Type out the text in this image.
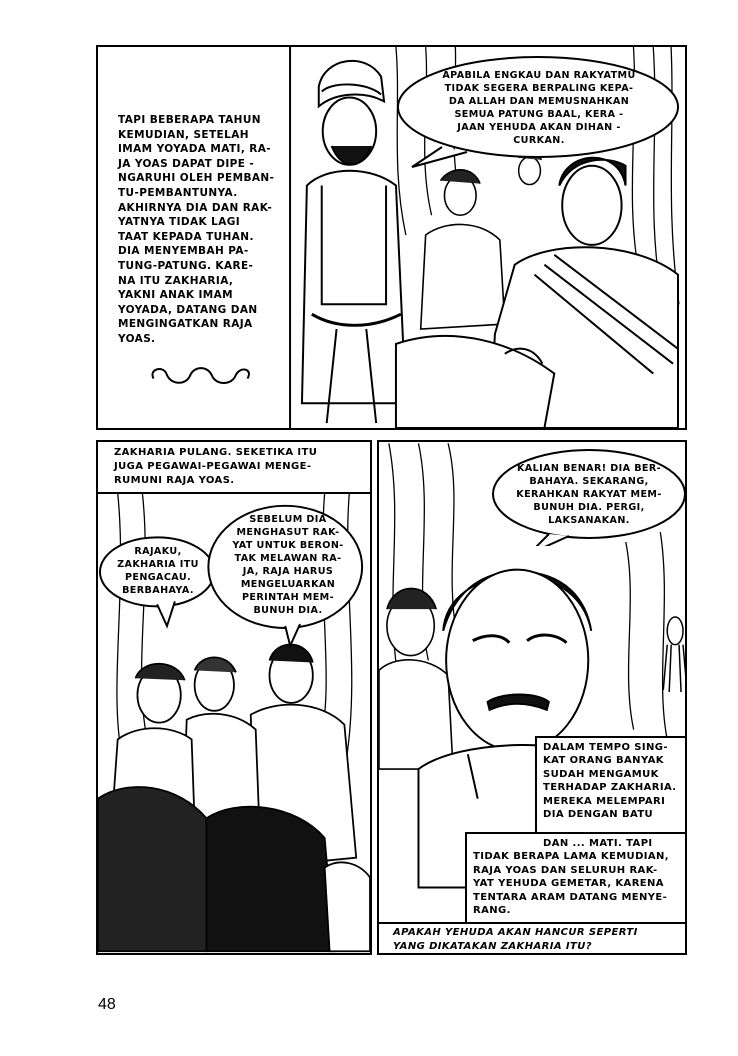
TAPI BEBERAPA TAHUN

KEMUDIAN, SETELAH

IMAM YOYADA MATI, RA-

JA YOAS DAPAT DIPE -

NGARUHI OLEH PEMBAN-

TU-PEMBANTUNYA.

AKHIRNYA DIA DAN RAK-

YATNYA TIDAK LAGI

TAAT KEPADA TUHAN.

DIA MENYEMBAH PA-

TUNG-PATUNG. KARE-

NA ITU ZAKHARIA,

YAKNI ANAK IMAM

YOYADA, DATANG DAN

MENGINGATKAN RAJA

YOAS.

APABILA ENGKAU DAN RAKYATMU

TIDAK SEGERA BERPALING KEPA-

DA ALLAH DAN MEMUSNAHKAN

SEMUA PATUNG BAAL, KERA -

JAAN YEHUDA AKAN DIHAN -

CURKAN.

ZAKHARIA PULANG. SEKETIKA ITU

JUGA PEGAWAI-PEGAWAI MENGE-

RUMUNI RAJA YOAS.

RAJAKU,

ZAKHARIA ITU

PENGACAU.

BERBAHAYA.

SEBELUM DIA

MENGHASUT RAK-

YAT UNTUK BERON-

TAK MELAWAN RA-

JA, RAJA HARUS

MENGELUARKAN

PERINTAH MEM-

BUNUH DIA.

KALIAN BENAR! DIA BER-

BAHAYA. SEKARANG,

KERAHKAN RAKYAT MEM-

BUNUH DIA. PERGI,

LAKSANAKAN.

DALAM TEMPO SING-

KAT ORANG BANYAK

SUDAH MENGAMUK

TERHADAP ZAKHARIA.

MEREKA MELEMPARI

DIA DENGAN BATU

DAN ... MATI. TAPI

TIDAK BERAPA LAMA KEMUDIAN,

RAJA YOAS DAN SELURUH RAK-

YAT YEHUDA GEMETAR, KARENA

TENTARA ARAM DATANG MENYE-

RANG.

APAKAH YEHUDA AKAN HANCUR SEPERTI

YANG DIKATAKAN ZAKHARIA ITU?

48
